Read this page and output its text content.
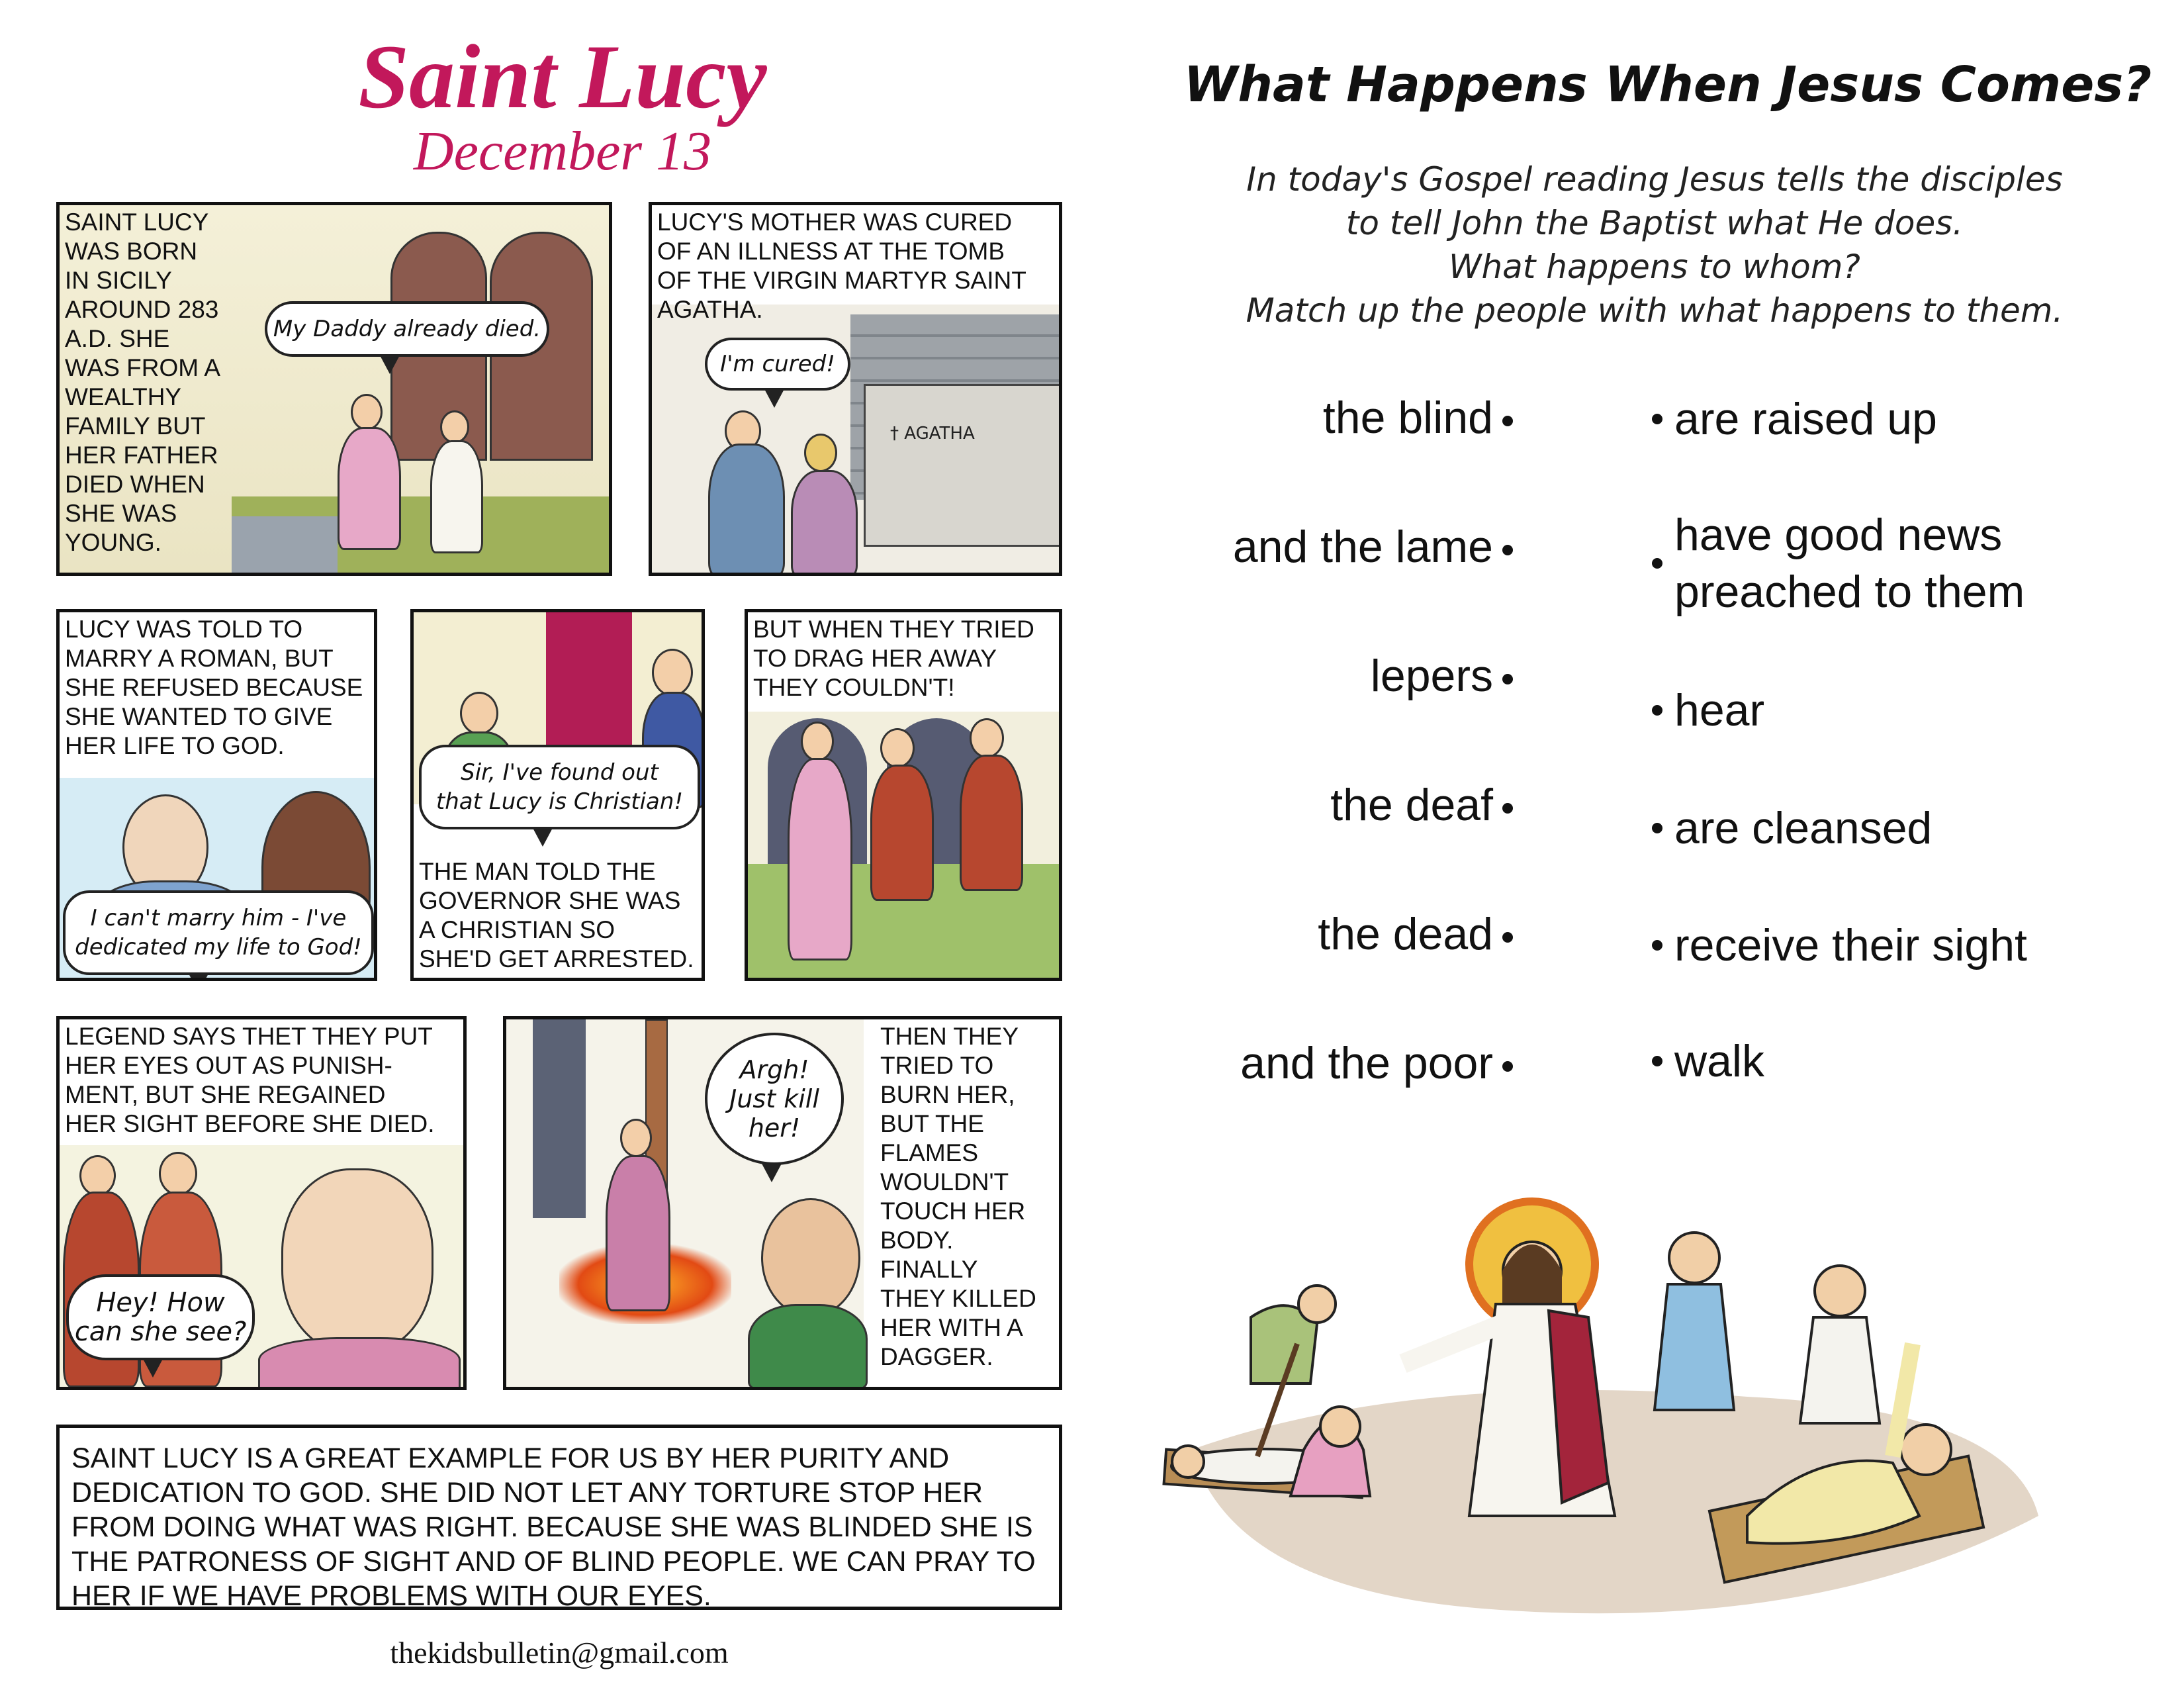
Saint Lucy
December 13
SAINT LUCY
WAS BORN
IN SICILY
AROUND 283
A.D. SHE
WAS FROM A
WEALTHY
FAMILY BUT
HER FATHER
DIED WHEN
SHE WAS
YOUNG.
My Daddy already died.
† AGATHA
LUCY'S MOTHER WAS CURED
OF AN ILLNESS AT THE TOMB
OF THE VIRGIN MARTYR SAINT
AGATHA.
I'm cured!
LUCY WAS TOLD TO
MARRY A ROMAN, BUT
SHE REFUSED BECAUSE
SHE WANTED TO GIVE
HER LIFE TO GOD.
I can't marry him - I've
dedicated my life to God!
Sir, I've found out
that Lucy is Christian!
THE MAN TOLD THE
GOVERNOR SHE WAS
A CHRISTIAN SO
SHE'D GET ARRESTED.
BUT WHEN THEY TRIED
TO DRAG HER AWAY
THEY COULDN'T!
LEGEND SAYS THET THEY PUT
HER EYES OUT AS PUNISH-
MENT, BUT SHE REGAINED
HER SIGHT BEFORE SHE DIED.
Hey! How
can she see?
Argh!
Just kill
her!
THEN THEY
TRIED TO
BURN HER,
BUT THE
FLAMES
WOULDN'T
TOUCH HER
BODY.
FINALLY
THEY KILLED
HER WITH A
DAGGER.
SAINT LUCY IS A GREAT EXAMPLE FOR US BY HER PURITY AND DEDICATION TO GOD. SHE DID NOT LET ANY TORTURE STOP HER FROM DOING WHAT WAS RIGHT. BECAUSE SHE WAS BLINDED SHE IS THE PATRONESS OF SIGHT AND OF BLIND PEOPLE. WE CAN PRAY TO HER IF WE HAVE PROBLEMS WITH OUR EYES.
thekidsbulletin@gmail.com
What Happens When Jesus Comes?
In today's Gospel reading Jesus tells the disciples
to tell John the Baptist what He does.
What happens to whom?
Match up the people with what happens to them.
the blind
and the lame
lepers
the deaf
the dead
and the poor
are raised up
have good news
preached to them
hear
are cleansed
receive their sight
walk
